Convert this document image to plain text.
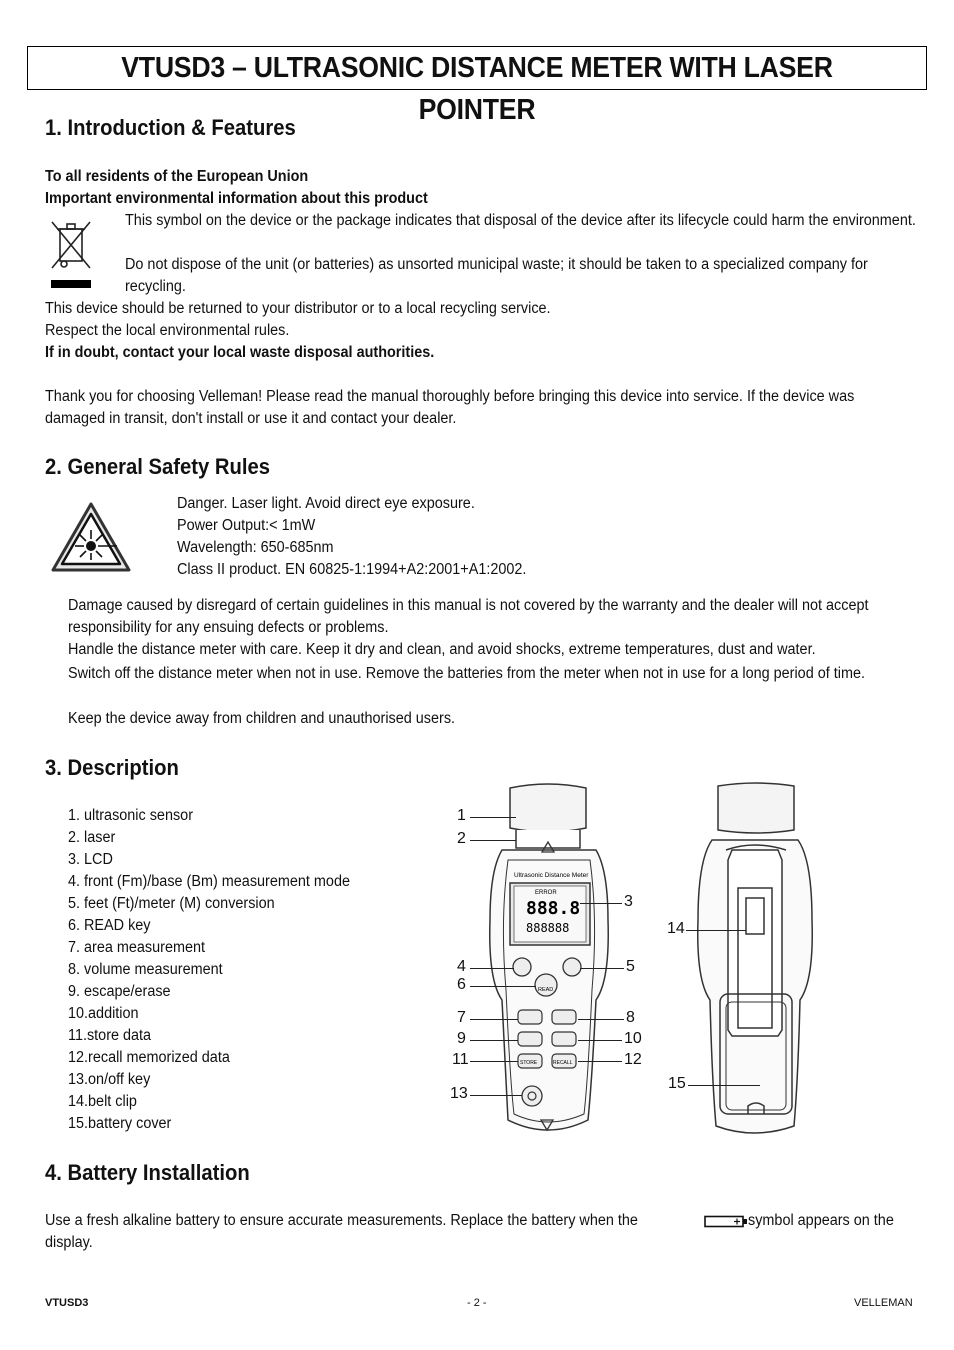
VTUSD3 – ULTRASONIC DISTANCE METER WITH LASER POINTER
1. Introduction & Features

To all residents of the European Union

Important environmental information about this product

This symbol on the device or the package indicates that disposal of the device after its lifecycle could harm the environment.

Do not dispose of the unit (or batteries) as unsorted municipal waste; it should be taken to a specialized company for recycling.

This device should be returned to your distributor or to a local recycling service.

Respect the local environmental rules.

If in doubt, contact your local waste disposal authorities.

Thank you for choosing Velleman! Please read the manual thoroughly before bringing this device into service. If the device was damaged in transit, don't install or use it and contact your dealer.

2. General Safety Rules

Danger. Laser light. Avoid direct eye exposure.

Power Output:< 1mW

Wavelength: 650-685nm

Class II product. EN 60825-1:1994+A2:2001+A1:2002.

Damage caused by disregard of certain guidelines in this manual is not covered by the warranty and the dealer will not accept responsibility for any ensuing defects or problems.

Handle the distance meter with care. Keep it dry and clean, and avoid shocks, extreme temperatures, dust and water.

Switch off the distance meter when not in use. Remove the batteries from the meter when not in use for a long period of time.

Keep the device away from children and unauthorised users.

3. Description
1. ultrasonic sensor
2. laser
3. LCD
4. front (Fm)/base (Bm) measurement mode
5. feet (Ft)/meter (M) conversion
6. READ key
7. area measurement
8. volume measurement
9. escape/erase
10.addition
11.store data
12.recall memorized data
13.on/off key
14.belt clip
15.battery cover
Ultrasonic Distance Meter
ERROR
888.8
888888
READ
STORE	RECALL
1
2
3
4	5
6
7	8
9	10
11	12
13
14
15
4. Battery Installation

Use a fresh alkaline battery to ensure accurate measurements. Replace the battery when the	symbol appears on the

display.

VTUSD3	- 2 -	VELLEMAN
